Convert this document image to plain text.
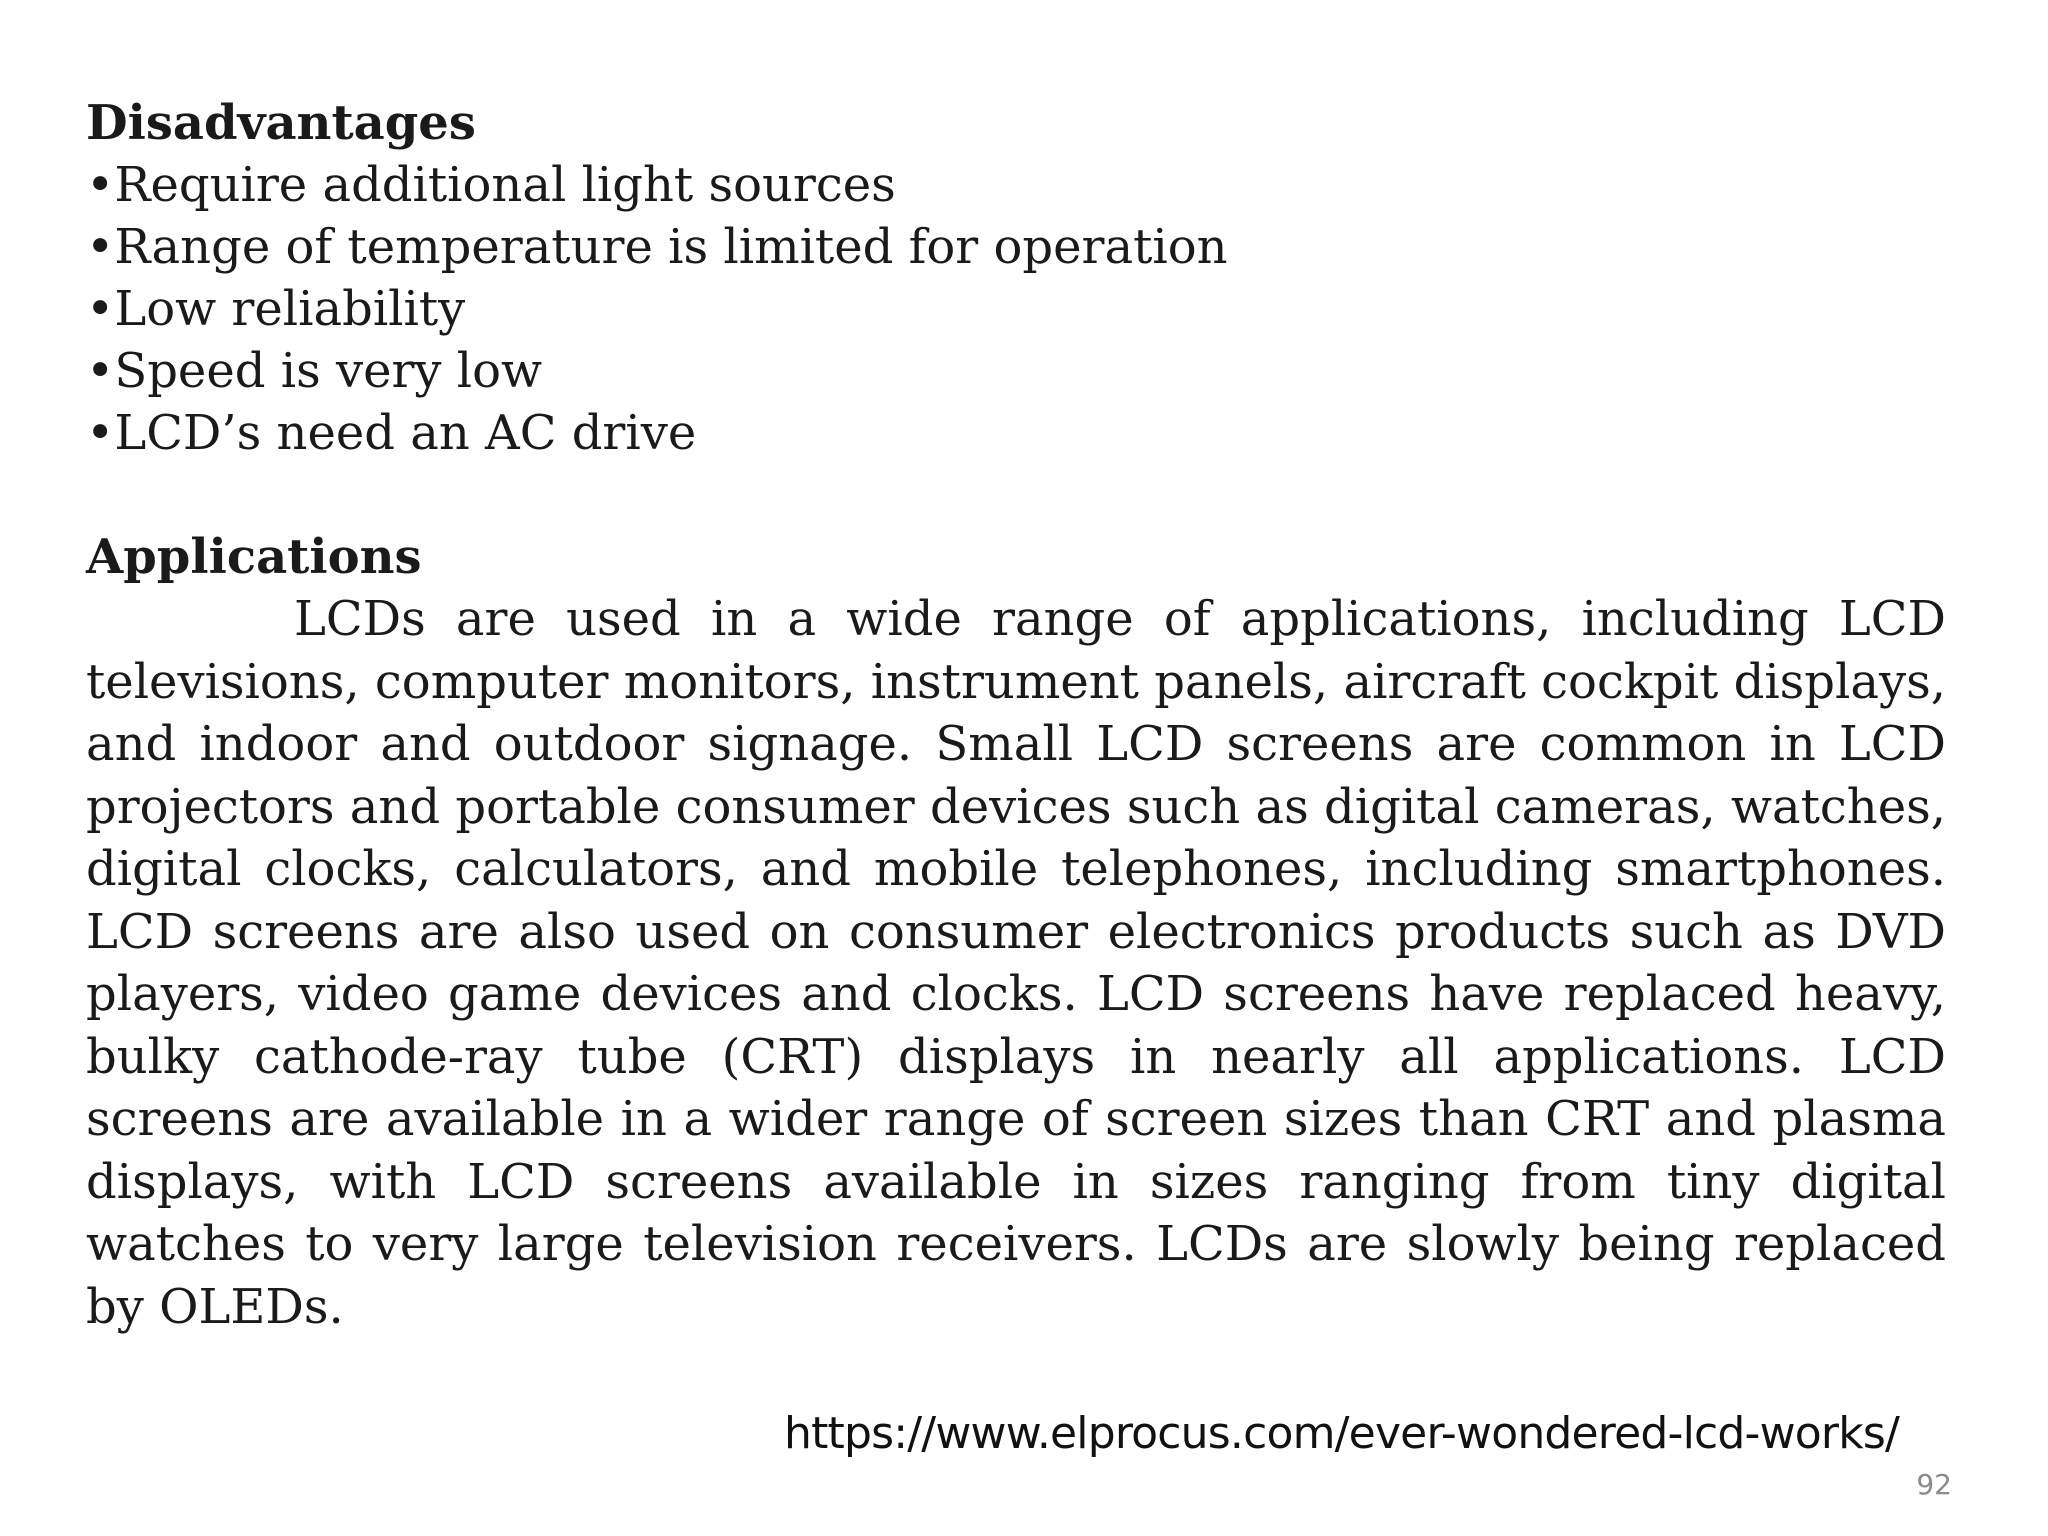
Disadvantages
•Require additional light sources
•Range of temperature is limited for operation
•Low reliability
•Speed is very low
•LCD’s need an AC drive
Applications

LCDs are used in a wide range of applications, including LCD televisions, computer monitors, instrument panels, aircraft cockpit displays, and indoor and outdoor signage. Small LCD screens are common in LCD projectors and portable consumer devices such as digital cameras, watches, digital clocks, calculators, and mobile telephones, including smartphones. LCD screens are also used on consumer electronics products such as DVD players, video game devices and clocks. LCD screens have replaced heavy, bulky cathode-ray tube (CRT) displays in nearly all applications. LCD screens are available in a wider range of screen sizes than CRT and plasma displays, with LCD screens available in sizes ranging from tiny digital watches to very large television receivers. LCDs are slowly being replaced by OLEDs.

https://www.elprocus.com/ever-wondered-lcd-works/
92
